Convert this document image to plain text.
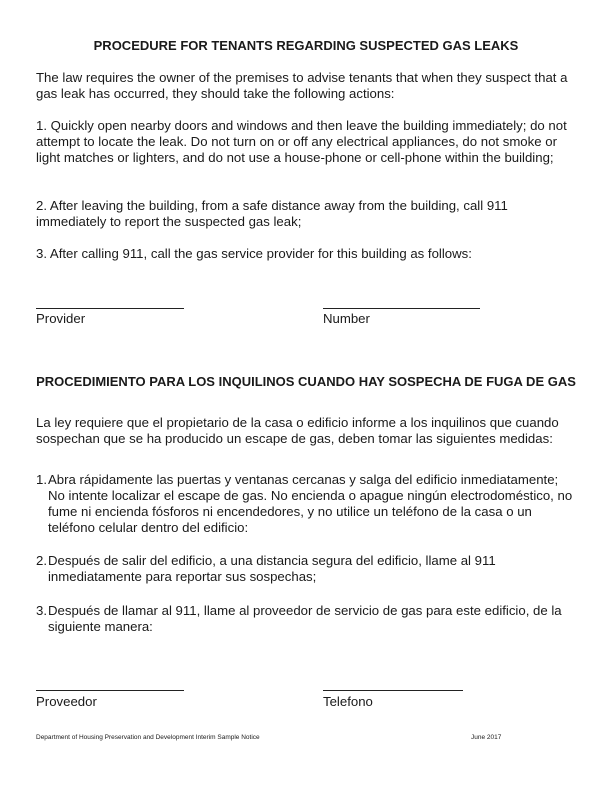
PROCEDURE FOR TENANTS REGARDING SUSPECTED GAS LEAKS
The law requires the owner of the premises to advise tenants that when they suspect that a gas leak has occurred, they should take the following actions:
1. Quickly open nearby doors and windows and then leave the building immediately; do not attempt to locate the leak. Do not turn on or off any electrical appliances, do not smoke or light matches or lighters, and do not use a house-phone or cell-phone within the building;
2. After leaving the building, from a safe distance away from the building, call 911 immediately to report the suspected gas leak;
3. After calling 911, call the gas service provider for this building as follows:
Provider	Number
PROCEDIMIENTO PARA LOS INQUILINOS CUANDO HAY SOSPECHA DE FUGA DE GAS
La ley requiere que el propietario de la casa o edificio informe a los inquilinos que cuando sospechan que se ha producido un escape de gas, deben tomar las siguientes medidas:
1. Abra rápidamente las puertas y ventanas cercanas y salga del edificio inmediatamente; No intente localizar el escape de gas. No encienda o apague ningún electrodoméstico, no fume ni encienda fósforos ni encendedores, y no utilice un teléfono de la casa o un teléfono celular dentro del edificio:
2. Después de salir del edificio, a una distancia segura del edificio, llame al 911 inmediatamente para reportar sus sospechas;
3. Después de llamar al 911, llame al proveedor de servicio de gas para este edificio, de la siguiente manera:
Proveedor	Telefono
Department of Housing Preservation and Development Interim Sample Notice	June 2017
